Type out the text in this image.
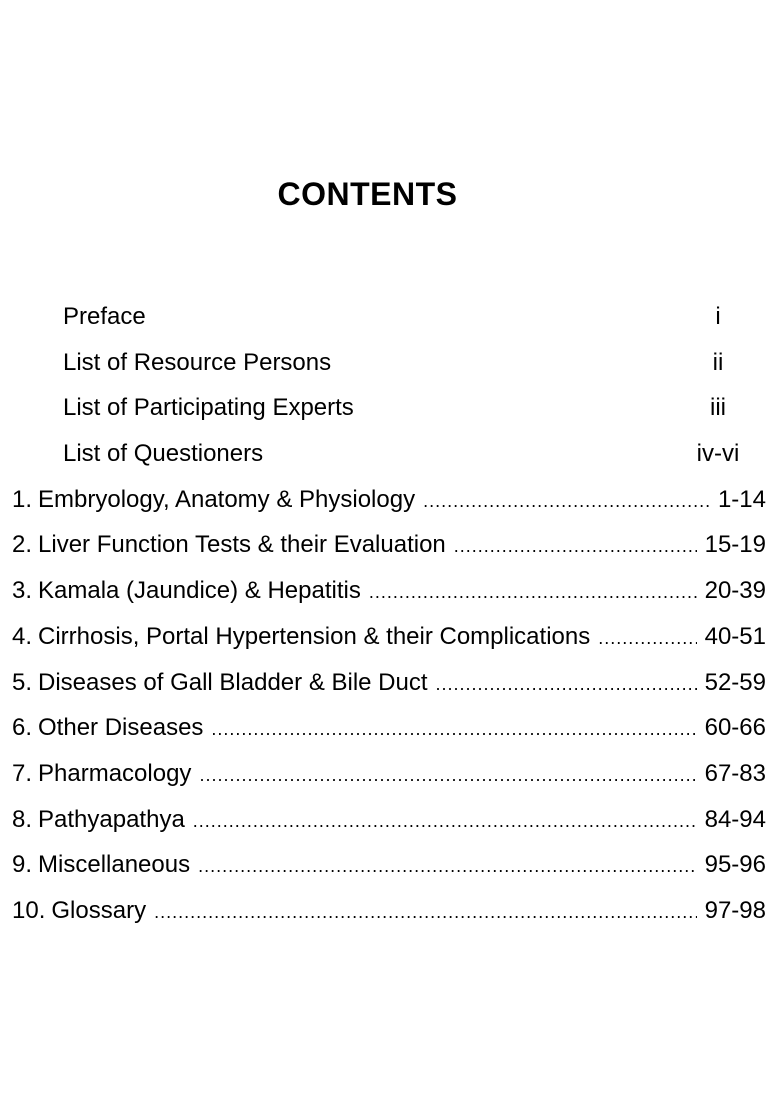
CONTENTS
Preface	i
List of Resource Persons	ii
List of Participating Experts	iii
List of Questioners	iv-vi
1. Embryology, Anatomy & Physiology . . .	1-14
2. Liver Function Tests & their Evaluation . . .	15-19
3. Kamala (Jaundice) & Hepatitis . . .	20-39
4. Cirrhosis, Portal Hypertension & their Complications . . .	40-51
5. Diseases of Gall Bladder & Bile Duct . . .	52-59
6. Other Diseases . . .	60-66
7. Pharmacology . . .	67-83
8. Pathyapathya . . .	84-94
9. Miscellaneous . . .	95-96
10. Glossary . . .	97-98
